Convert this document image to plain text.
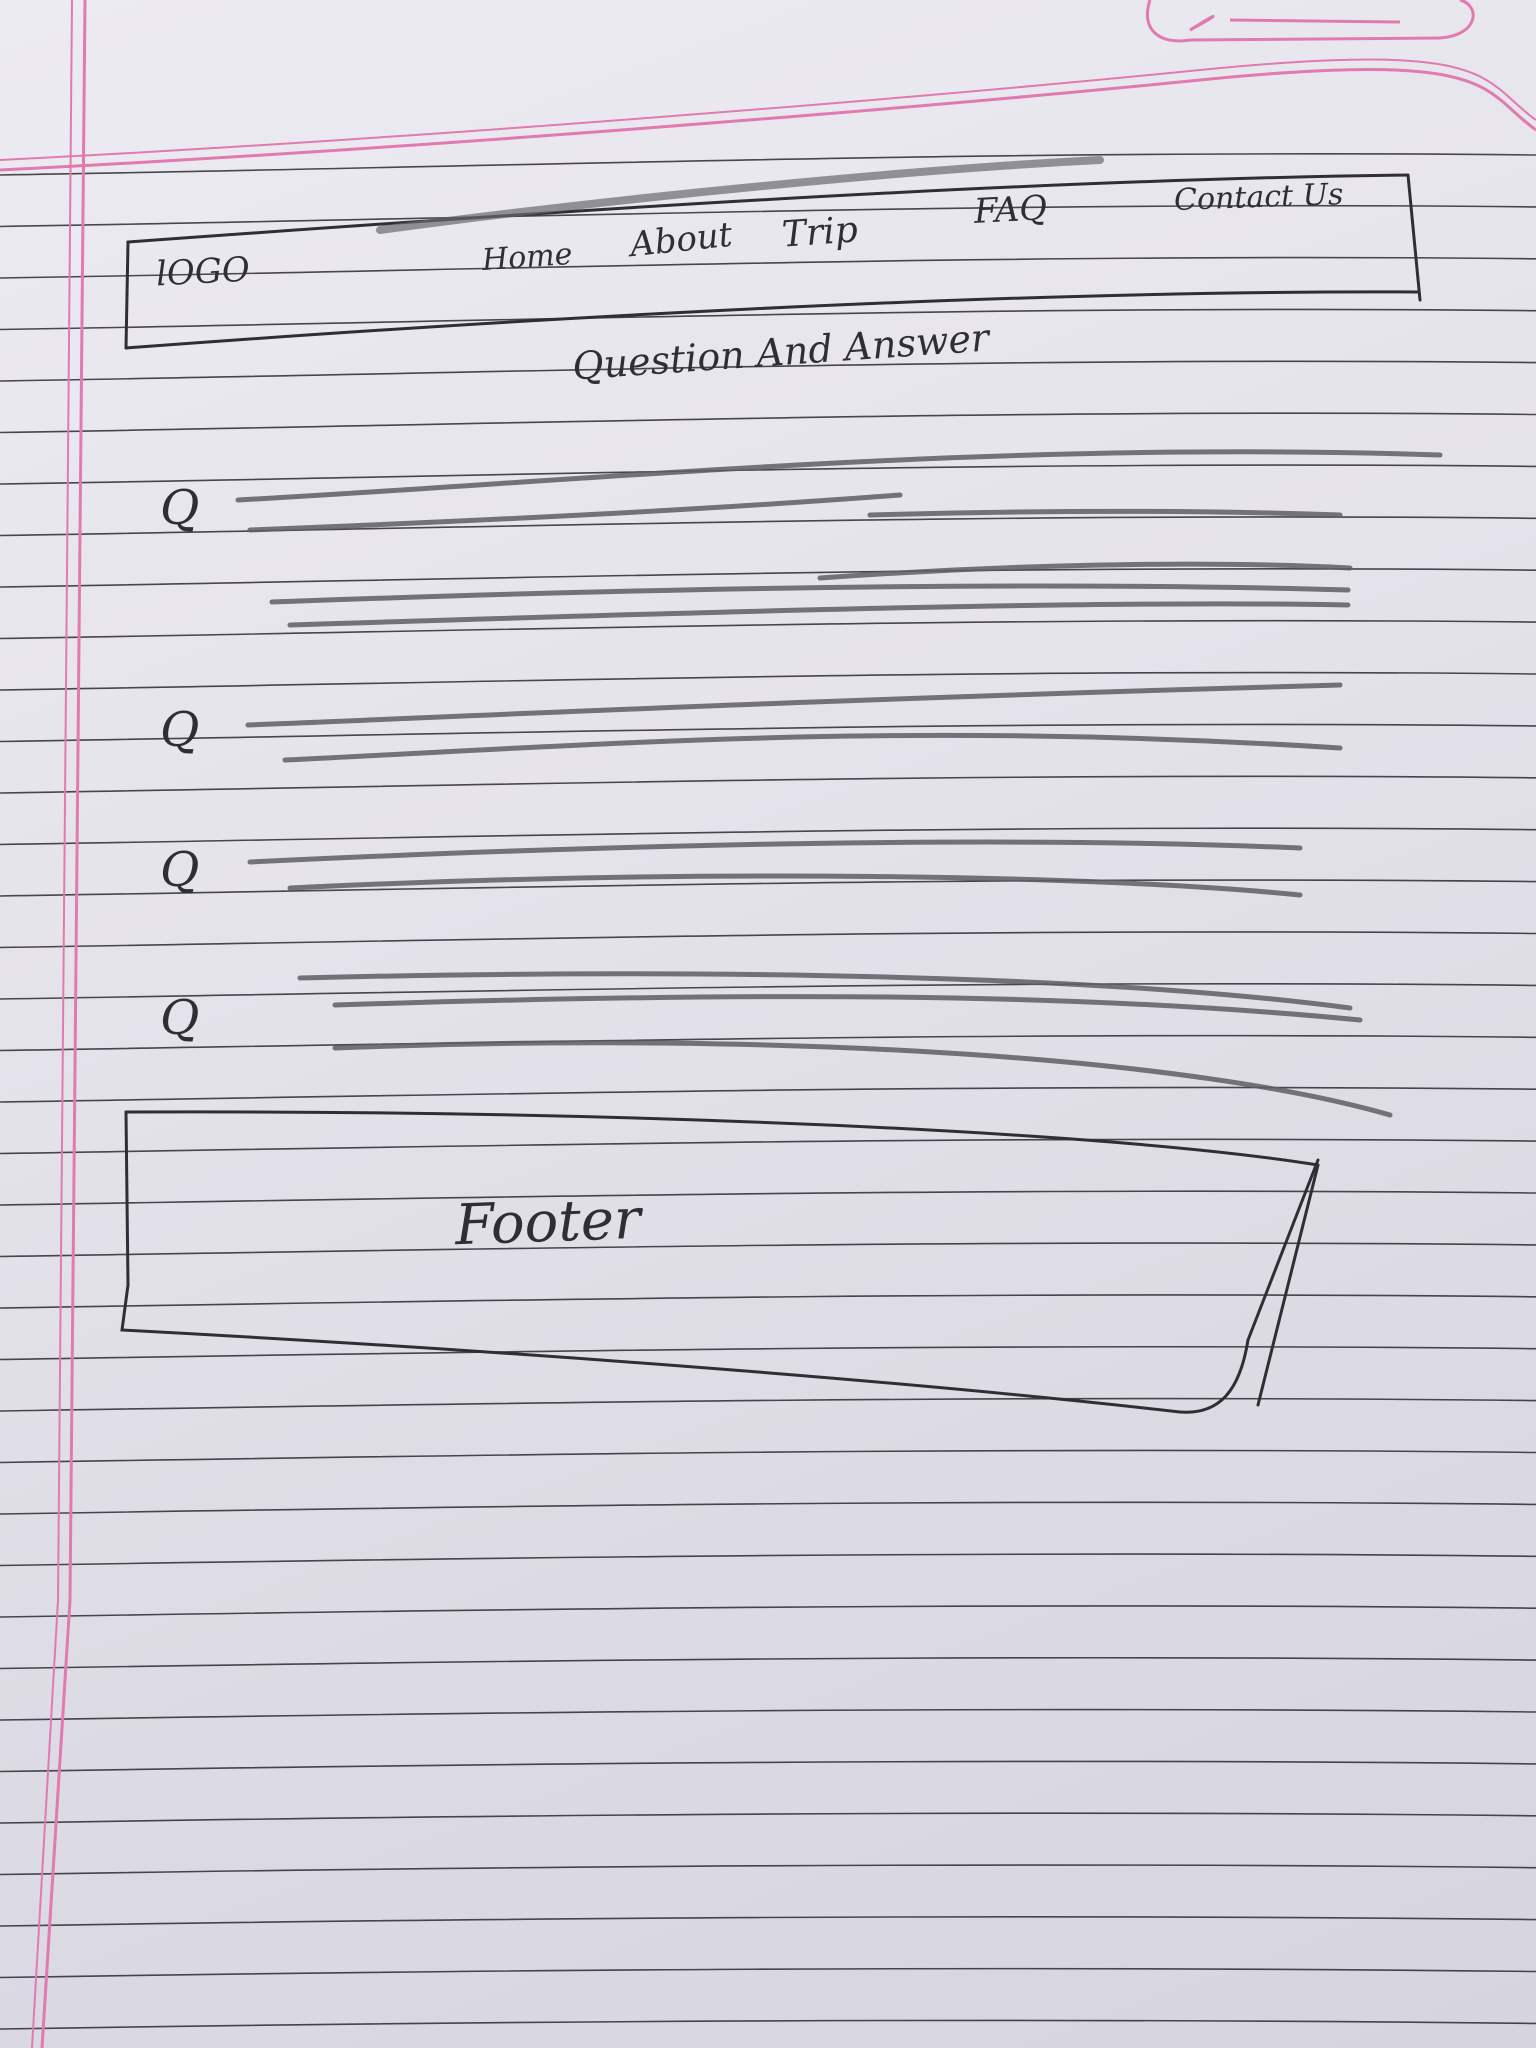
lOGO	Home About Trip	FAQ	Contact Us
Question And Answer
Q
Q
Q
Q
Footer
